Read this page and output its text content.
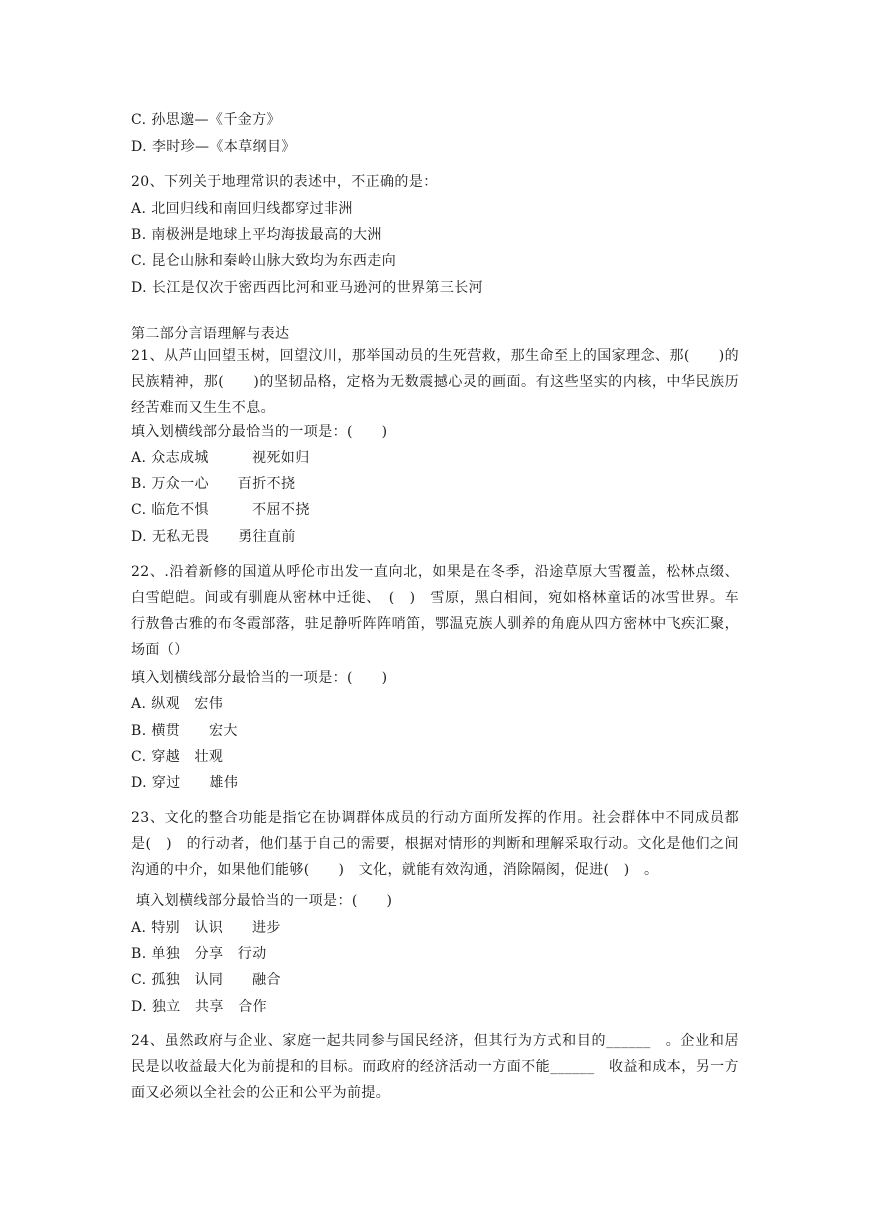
C. 孙思邈—《千金方》
D. 李时珍—《本草纲目》
20、下列关于地理常识的表述中，不正确的是：
A. 北回归线和南回归线都穿过非洲
B. 南极洲是地球上平均海拔最高的大洲
C. 昆仑山脉和秦岭山脉大致均为东西走向
D. 长江是仅次于密西西比河和亚马逊河的世界第三长河
第二部分言语理解与表达
21、从芦山回望玉树，回望汶川，那举国动员的生死营救，那生命至上的国家理念、那(　　)的民族精神，那(　　)的坚韧品格，定格为无数震撼心灵的画面。有这些坚实的内核，中华民族历经苦难而又生生不息。
填入划横线部分最恰当的一项是：(　　)
A. 众志成城　　　视死如归
B. 万众一心　　百折不挠
C. 临危不惧　　　不屈不挠
D. 无私无畏　　勇往直前
22、.沿着新修的国道从呼伦市出发一直向北，如果是在冬季，沿途草原大雪覆盖，松林点缀、白雪皑皑。间或有驯鹿从密林中迁徙、　(　)　雪原，黑白相间，宛如格林童话的冰雪世界。车行敖鲁古雅的布冬霞部落，驻足静听阵阵哨笛，鄂温克族人驯养的角鹿从四方密林中飞疾汇聚，场面（）
填入划横线部分最恰当的一项是：(　　)
A. 纵观　宏伟
B. 横贯　　宏大
C. 穿越　壮观
D. 穿过　　雄伟
23、文化的整合功能是指它在协调群体成员的行动方面所发挥的作用。社会群体中不同成员都是(　)　的行动者，他们基于自己的需要，根据对情形的判断和理解采取行动。文化是他们之间沟通的中介，如果他们能够(　　)　文化，就能有效沟通，消除隔阂，促进(　)　。
填入划横线部分最恰当的一项是：(　　)
A. 特别　认识　　进步
B. 单独　分享　行动
C. 孤独　认同　　融合
D. 独立　共享　合作
24、虽然政府与企业、家庭一起共同参与国民经济，但其行为方式和目的______　。企业和居民是以收益最大化为前提和的目标。而政府的经济活动一方面不能______　收益和成本，另一方面又必须以全社会的公正和公平为前提。
